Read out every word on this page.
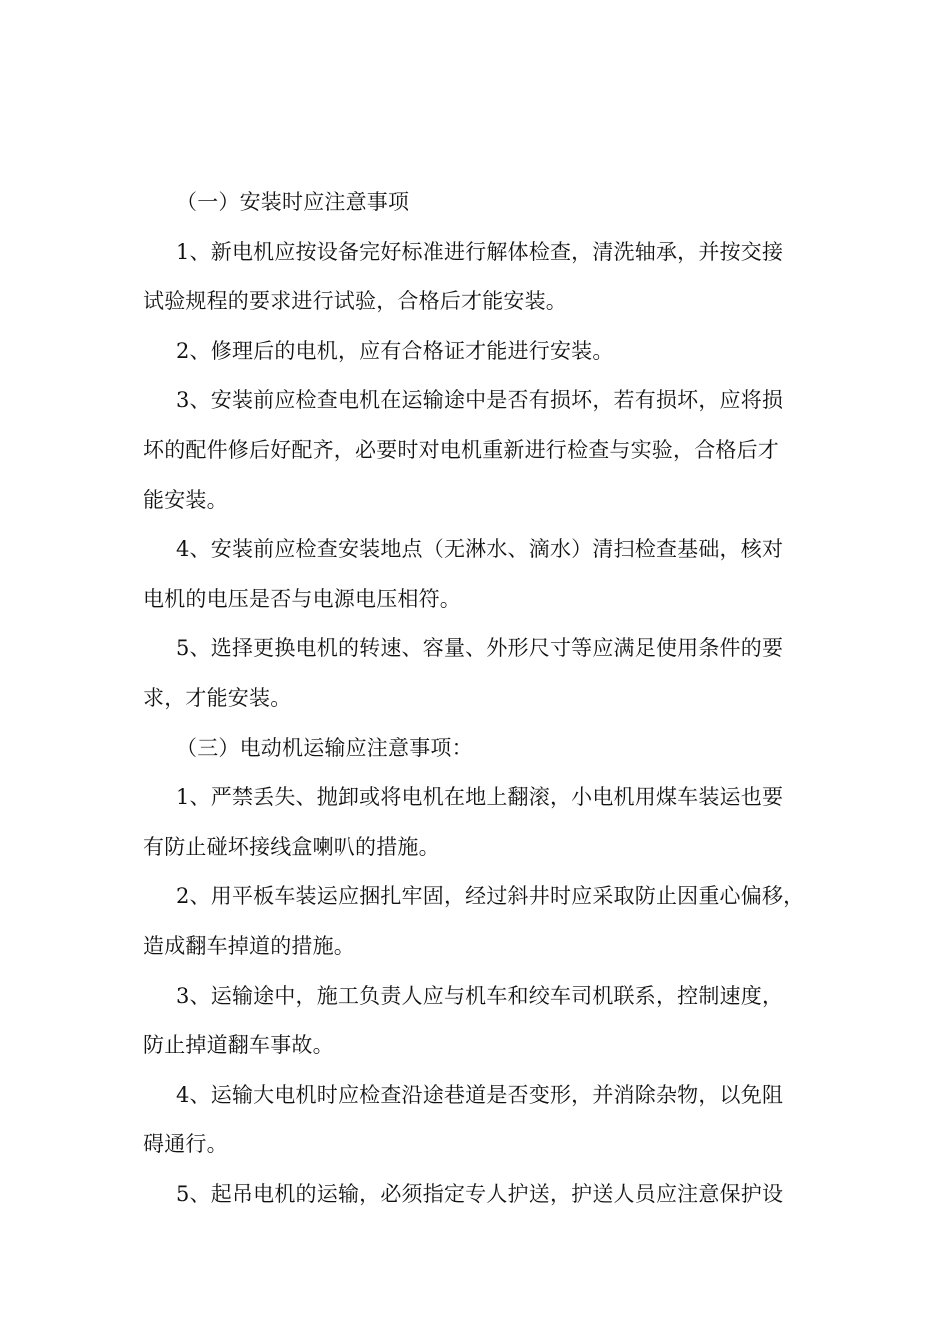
（一）安装时应注意事项
1、新电机应按设备完好标准进行解体检查，清洗轴承，并按交接
试验规程的要求进行试验，合格后才能安装。
2、修理后的电机，应有合格证才能进行安装。
3、安装前应检查电机在运输途中是否有损坏，若有损坏，应将损
坏的配件修后好配齐，必要时对电机重新进行检查与实验，合格后才
能安装。
4、安装前应检查安装地点（无淋水、滴水）清扫检查基础，核对
电机的电压是否与电源电压相符。
5、选择更换电机的转速、容量、外形尺寸等应满足使用条件的要
求，才能安装。
（三）电动机运输应注意事项：
1、严禁丢失、抛卸或将电机在地上翻滚，小电机用煤车装运也要
有防止碰坏接线盒喇叭的措施。
2、用平板车装运应捆扎牢固，经过斜井时应采取防止因重心偏移，
造成翻车掉道的措施。
3、运输途中，施工负责人应与机车和绞车司机联系，控制速度，
防止掉道翻车事故。
4、运输大电机时应检查沿途巷道是否变形，并消除杂物，以免阻
碍通行。
5、起吊电机的运输，必须指定专人护送，护送人员应注意保护设
